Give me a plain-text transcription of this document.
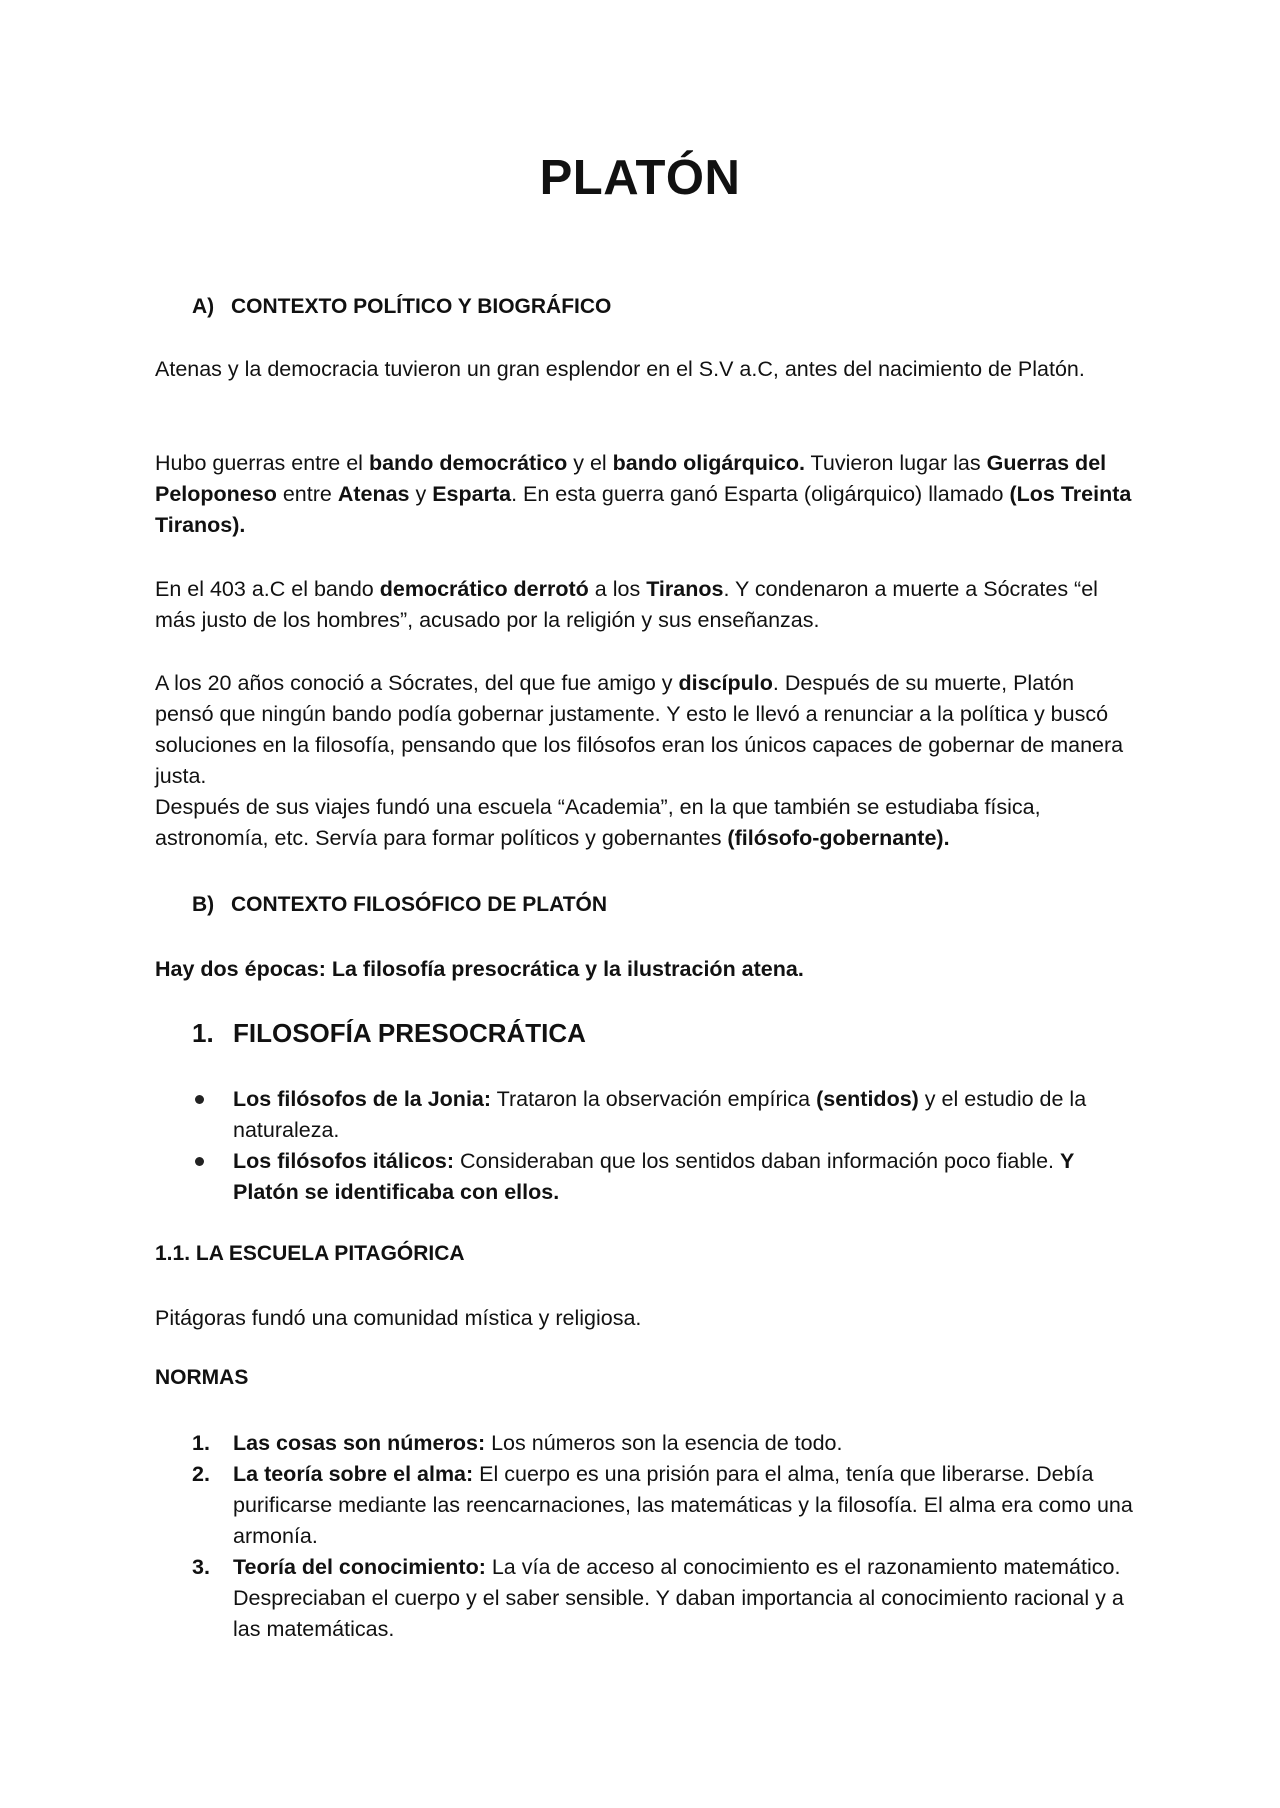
PLATÓN
A) CONTEXTO POLÍTICO Y BIOGRÁFICO

Atenas y la democracia tuvieron un gran esplendor en el S.V a.C, antes del nacimiento de Platón.

Hubo guerras entre el bando democrático y el bando oligárquico. Tuvieron lugar las Guerras del Peloponeso entre Atenas y Esparta. En esta guerra ganó Esparta (oligárquico) llamado (Los Treinta Tiranos).

En el 403 a.C el bando democrático derrotó a los Tiranos. Y condenaron a muerte a Sócrates “el más justo de los hombres”, acusado por la religión y sus enseñanzas.

A los 20 años conoció a Sócrates, del que fue amigo y discípulo. Después de su muerte, Platón pensó que ningún bando podía gobernar justamente. Y esto le llevó a renunciar a la política y buscó soluciones en la filosofía, pensando que los filósofos eran los únicos capaces de gobernar de manera justa.
Después de sus viajes fundó una escuela “Academia”, en la que también se estudiaba física, astronomía, etc. Servía para formar políticos y gobernantes (filósofo-gobernante).

B) CONTEXTO FILOSÓFICO DE PLATÓN

Hay dos épocas: La filosofía presocrática y la ilustración atena.

1. FILOSOFÍA PRESOCRÁTICA
Los filósofos de la Jonia: Trataron la observación empírica (sentidos) y el estudio de la naturaleza.
Los filósofos itálicos: Consideraban que los sentidos daban información poco fiable. Y Platón se identificaba con ellos.
1.1. LA ESCUELA PITAGÓRICA

Pitágoras fundó una comunidad mística y religiosa.

NORMAS
1.	Las cosas son números: Los números son la esencia de todo.
2.	La teoría sobre el alma: El cuerpo es una prisión para el alma, tenía que liberarse. Debía purificarse mediante las reencarnaciones, las matemáticas y la filosofía. El alma era como una armonía.
3.	Teoría del conocimiento: La vía de acceso al conocimiento es el razonamiento matemático. Despreciaban el cuerpo y el saber sensible. Y daban importancia al conocimiento racional y a las matemáticas.
